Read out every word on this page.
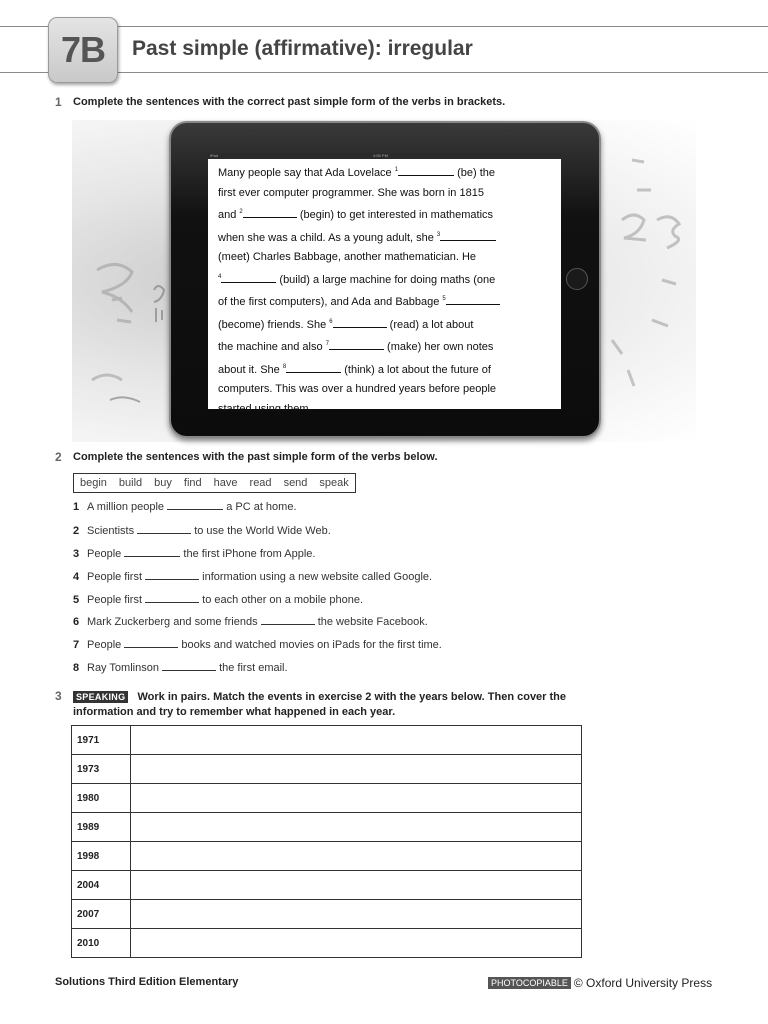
7B Past simple (affirmative): irregular
1 Complete the sentences with the correct past simple form of the verbs in brackets.
iPad	4:55 PM
Many people say that Ada Lovelace $^1$	(be) the
first ever computer programmer. She was born in 1815
and $^2$	(begin) to get interested in mathematics
when she was a child. As a young adult, she $^3$
(meet) Charles Babbage, another mathematician. He
$^4$	(build) a large machine for doing maths (one
of the first computers), and Ada and Babbage $^5$
(become) friends. She $^6$	(read) a lot about
the machine and also $^7$	(make) her own notes
about it. She $^8$	(think) a lot about the future of
computers. This was over a hundred years before people
started using them.
2 Complete the sentences with the past simple form of the verbs below.
begin build buy find have read send speak
1 A million people	a PC at home.
2 Scientists	to use the World Wide Web.
3 People	the first iPhone from Apple.
4 People first	information using a new website called Google.
5 People first	to each other on a mobile phone.
6 Mark Zuckerberg and some friends	the website Facebook.
7 People	books and watched movies on iPads for the first time.
8 Ray Tomlinson	the first email.
3	SPEAKING Work in pairs. Match the events in exercise 2 with the years below. Then cover the
information and try to remember what happened in each year.
1971	
1973	
1980	
1989	
1998	
2004	
2007	
2010	
Solutions Third Edition Elementary	PHOTOCOPIABLE © Oxford University Press
